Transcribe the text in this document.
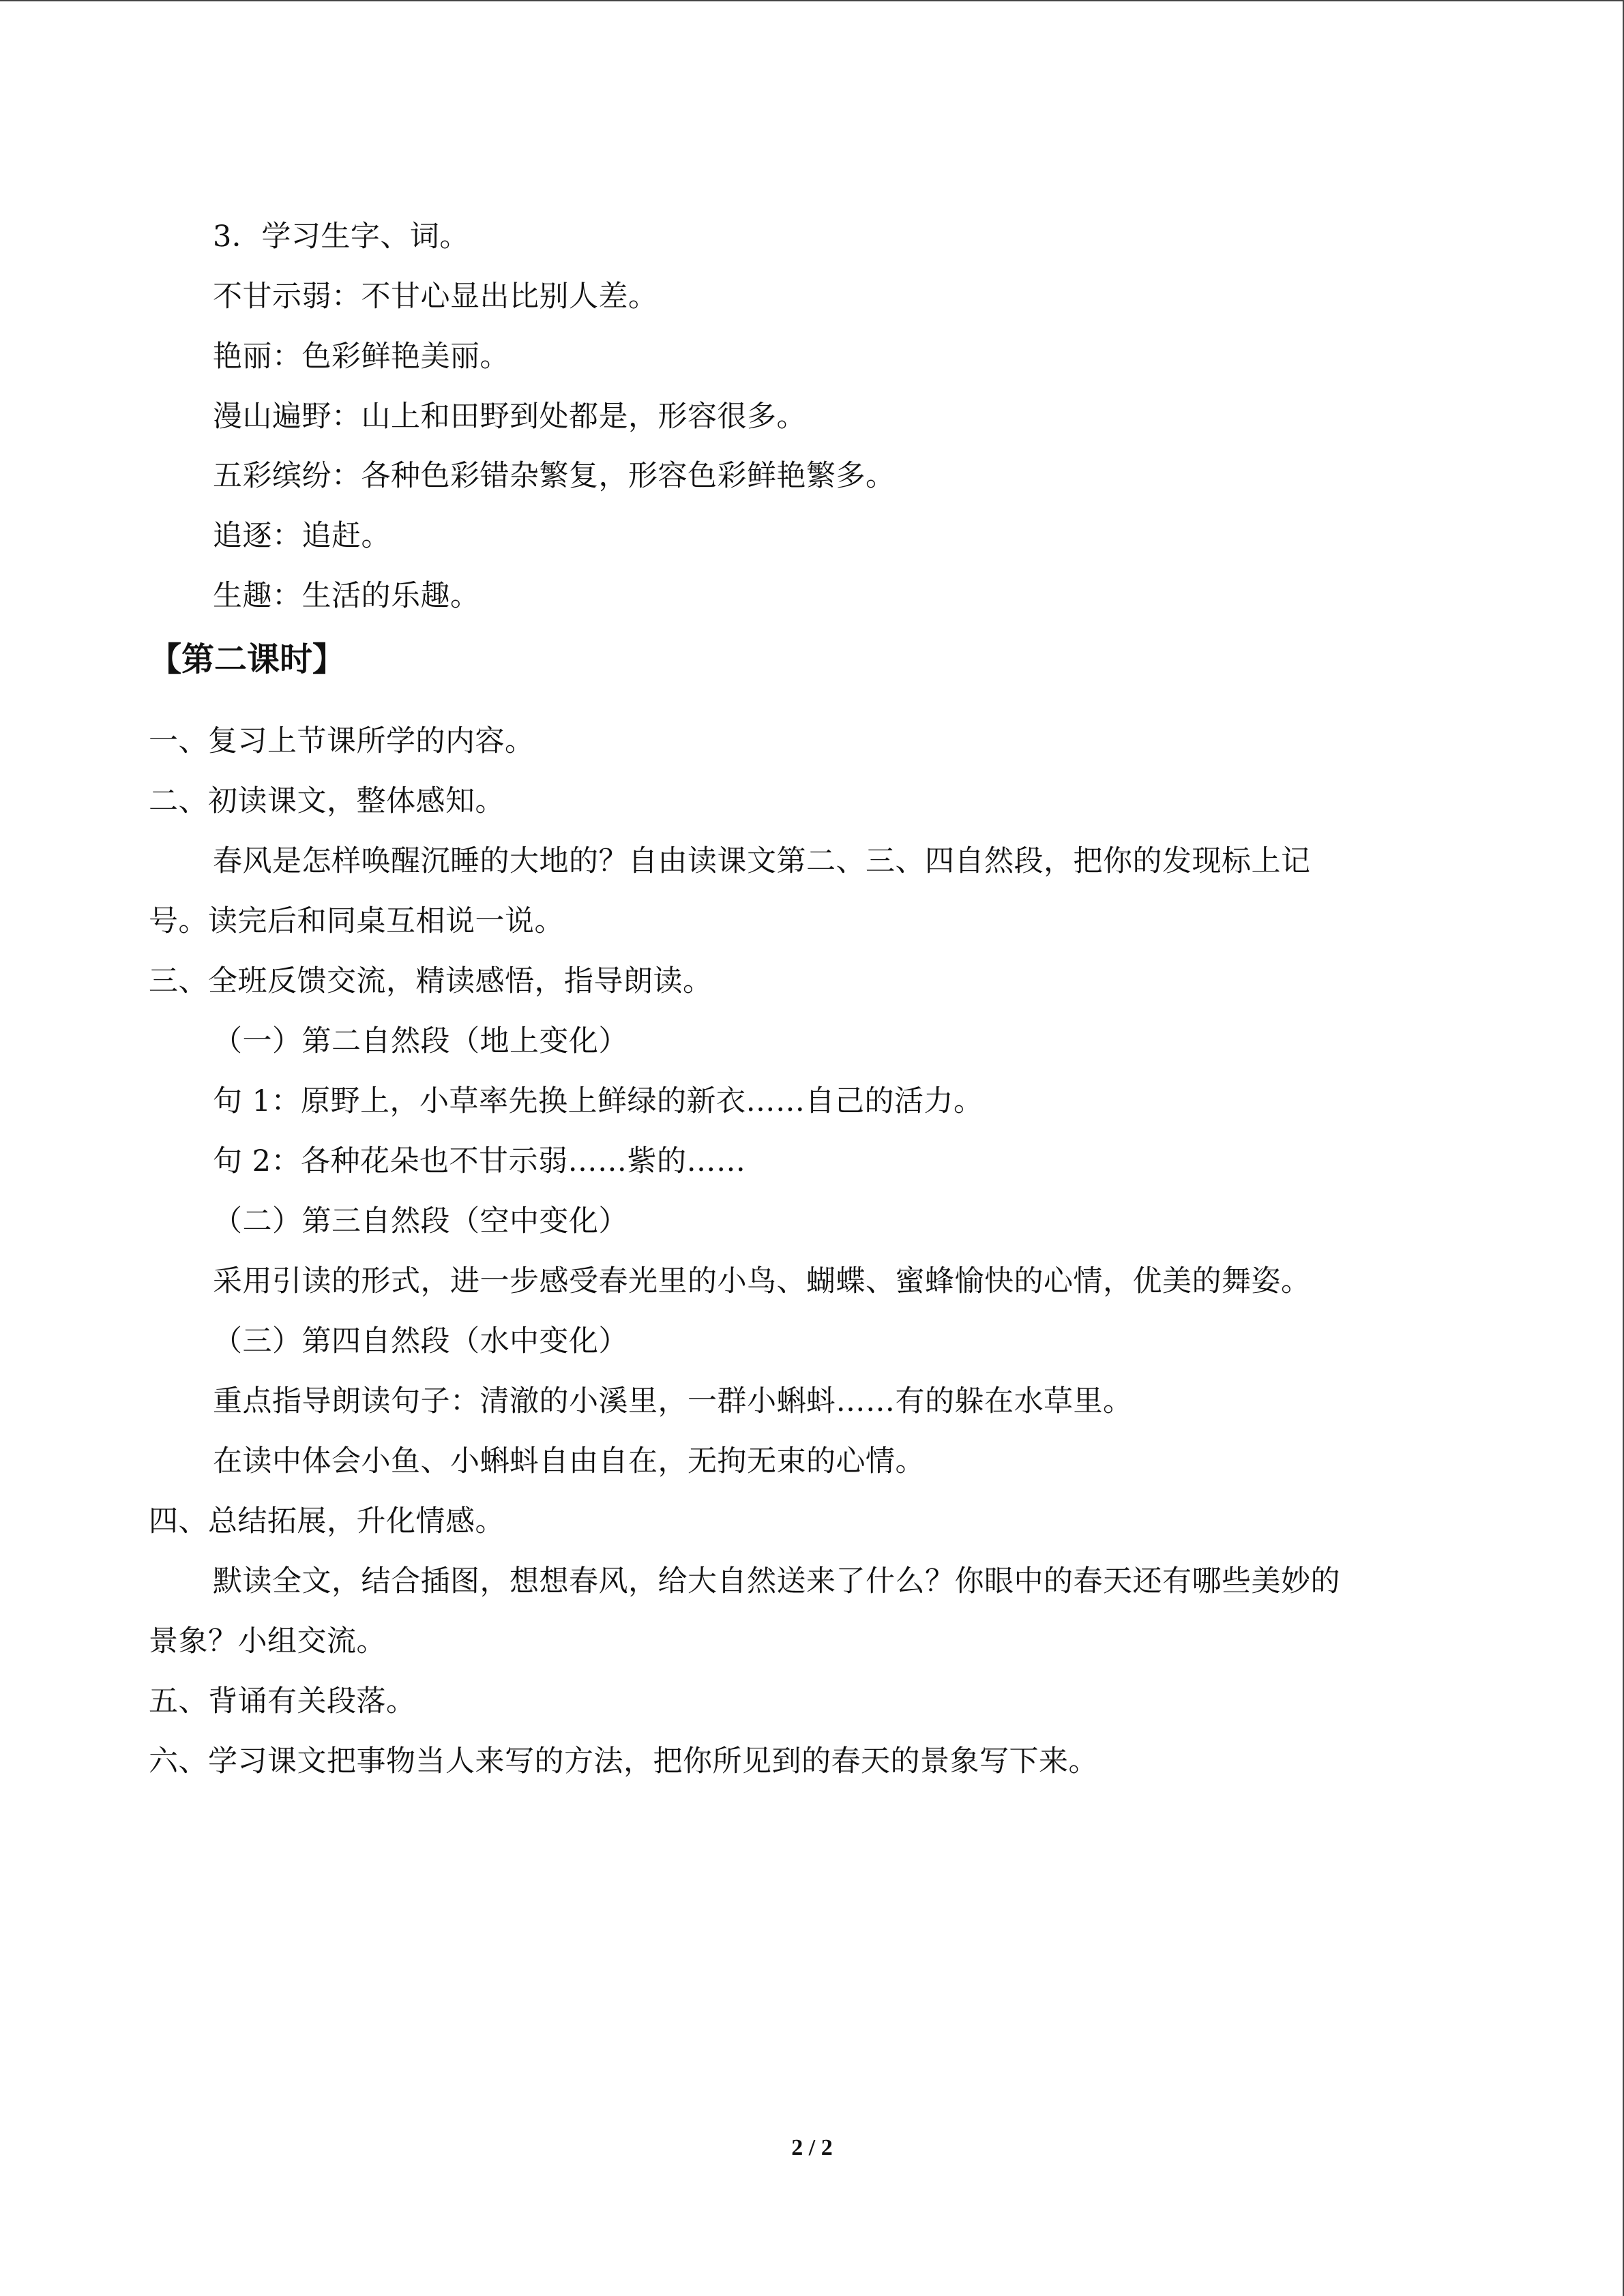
3．学习生字、词。
不甘示弱：不甘心显出比别人差。
艳丽：色彩鲜艳美丽。
漫山遍野：山上和田野到处都是，形容很多。
五彩缤纷：各种色彩错杂繁复，形容色彩鲜艳繁多。
追逐：追赶。
生趣：生活的乐趣。
【第二课时】
一、复习上节课所学的内容。
二、初读课文，整体感知。
春风是怎样唤醒沉睡的大地的？自由读课文第二、三、四自然段，把你的发现标上记
号。读完后和同桌互相说一说。
三、全班反馈交流，精读感悟，指导朗读。
（一）第二自然段（地上变化）
句 1：原野上，小草率先换上鲜绿的新衣……自己的活力。
句 2：各种花朵也不甘示弱……紫的……
（二）第三自然段（空中变化）
采用引读的形式，进一步感受春光里的小鸟、蝴蝶、蜜蜂愉快的心情，优美的舞姿。
（三）第四自然段（水中变化）
重点指导朗读句子：清澈的小溪里，一群小蝌蚪……有的躲在水草里。
在读中体会小鱼、小蝌蚪自由自在，无拘无束的心情。
四、总结拓展，升化情感。
默读全文，结合插图，想想春风，给大自然送来了什么？你眼中的春天还有哪些美妙的
景象？小组交流。
五、背诵有关段落。
六、学习课文把事物当人来写的方法，把你所见到的春天的景象写下来。
2 / 2
